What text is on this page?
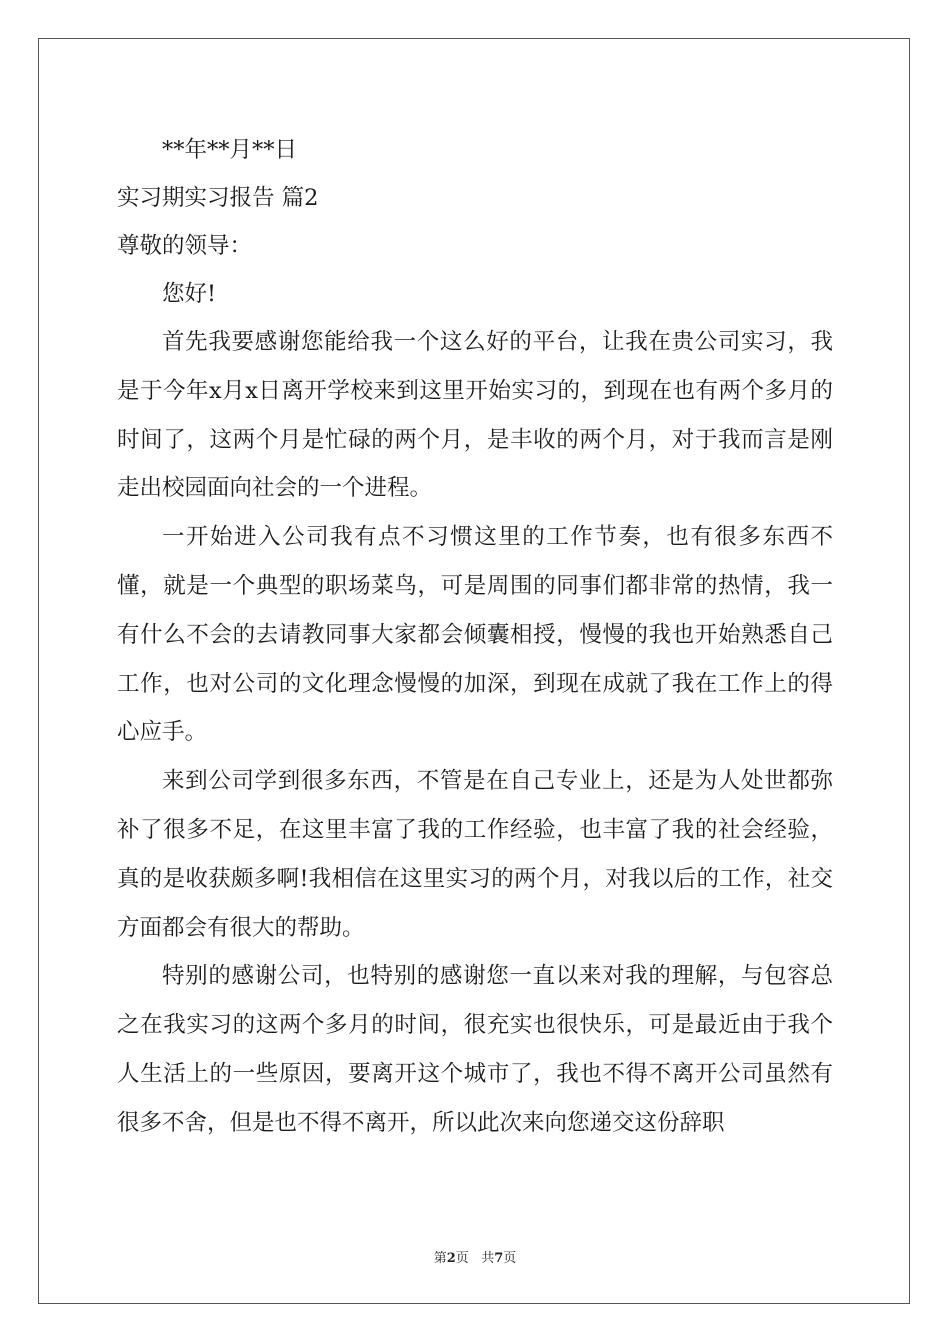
**年**月**日
实习期实习报告 篇2
尊敬的领导：
您好!

首先我要感谢您能给我一个这么好的平台，让我在贵公司实习，我是于今年x月x日离开学校来到这里开始实习的，到现在也有两个多月的时间了，这两个月是忙碌的两个月，是丰收的两个月，对于我而言是刚走出校园面向社会的一个进程。

一开始进入公司我有点不习惯这里的工作节奏，也有很多东西不懂，就是一个典型的职场菜鸟，可是周围的同事们都非常的热情，我一有什么不会的去请教同事大家都会倾囊相授，慢慢的我也开始熟悉自己工作，也对公司的文化理念慢慢的加深，到现在成就了我在工作上的得心应手。

来到公司学到很多东西，不管是在自己专业上，还是为人处世都弥补了很多不足，在这里丰富了我的工作经验，也丰富了我的社会经验，真的是收获颇多啊!我相信在这里实习的两个月，对我以后的工作，社交方面都会有很大的帮助。

特别的感谢公司，也特别的感谢您一直以来对我的理解，与包容总之在我实习的这两个多月的时间，很充实也很快乐，可是最近由于我个人生活上的一些原因，要离开这个城市了，我也不得不离开公司虽然有很多不舍，但是也不得不离开，所以此次来向您递交这份辞职

第2页 共7页
